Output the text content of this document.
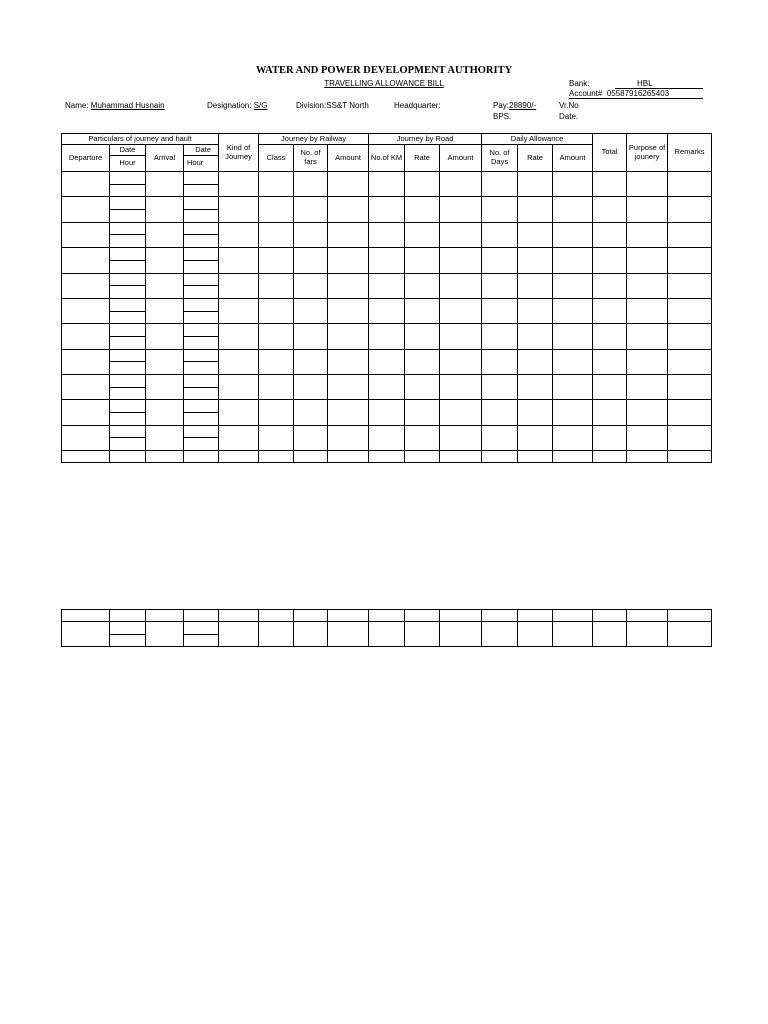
WATER AND POWER DEVELOPMENT AUTHORITY
TRAVELLING ALLOWANCE BILL	Bank:	HBL
Account# 05587916265403
Name: Muhammad Husnain	Designation: S/G	Division:SS&T North	Headquarter:	Pay:28890/-
BPS.
Vr.No
Date.
Particulars of journey and hault				Kind of Journey	Journey by Railway			Journey by Road			Daily Allowance			Total	Purpose of jounery	Remarks
Departure	Date	Arrival	Date		Class	No. of fars	Amount	No.of KM	Rate	Amount	No. of Days	Rate	Amount			
	Hour		Hour													
